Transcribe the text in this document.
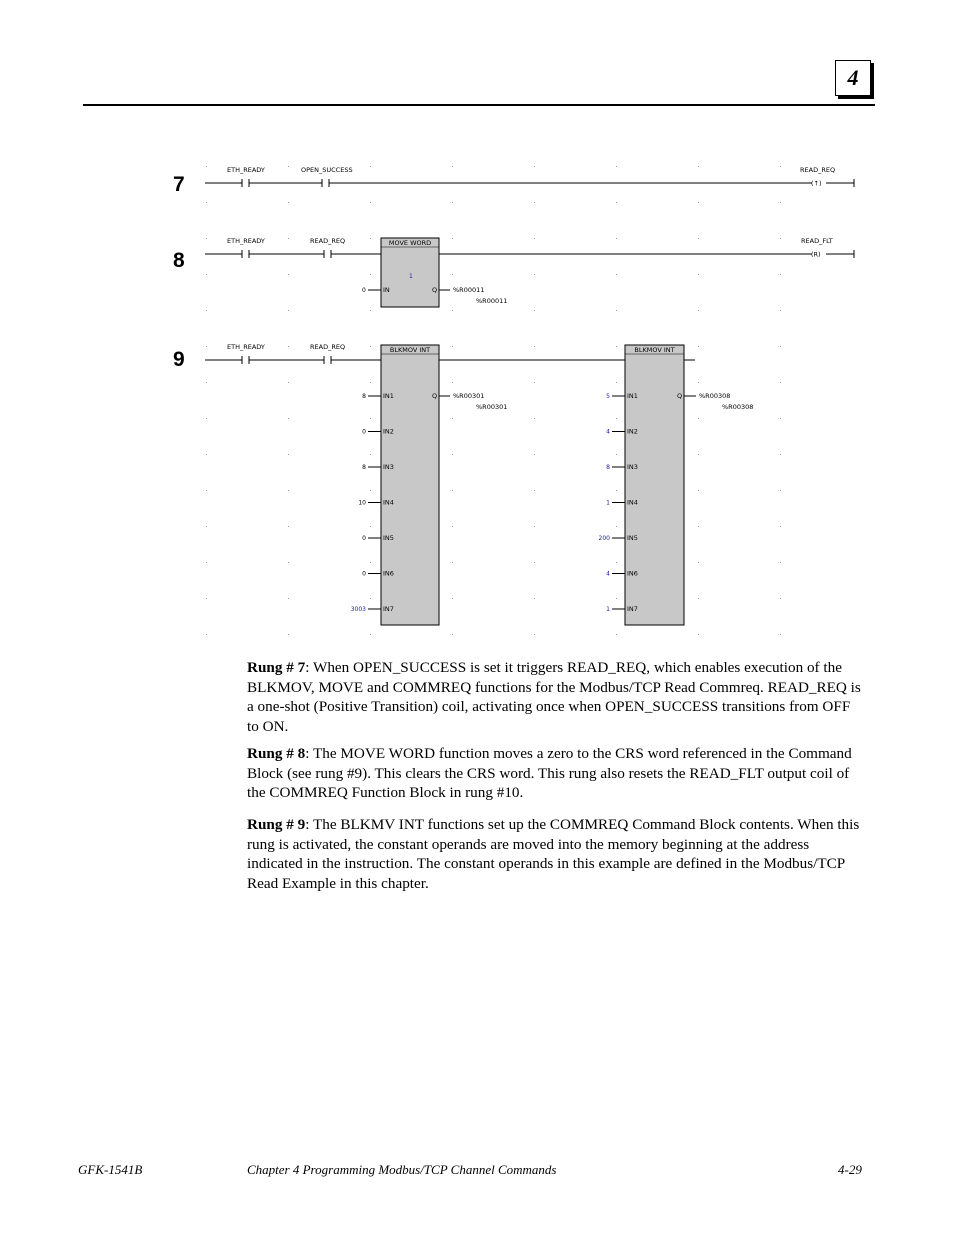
4
7
ETH_READY	OPEN_SUCCESS
(↑)
READ_REQ
8
ETH_READY	READ_REQ	MOVE WORD
1
IN	Q
0	%R00011
%R00011
(R)
READ_FLT
9
ETH_READY	READ_REQ	BLKMOV INT
Q %R00301
%R00301
BLKMOV INT
Q	%R00308
%R00308
8	IN1
0	IN2
8	IN3
10	IN4
0	IN5
0	IN6
3003	IN7
5	IN1
4	IN2
8	IN3
1	IN4
200	IN5
4	IN6
1	IN7
Rung # 7: When OPEN_SUCCESS is set it triggers READ_REQ, which enables execution of the BLKMOV, MOVE and COMMREQ functions for the Modbus/TCP Read Commreq. READ_REQ is a one-shot (Positive Transition) coil, activating once when OPEN_SUCCESS transitions from OFF to ON.
Rung # 8: The MOVE WORD function moves a zero to the CRS word referenced in the Command Block (see rung #9). This clears the CRS word. This rung also resets the READ_FLT output coil of the COMMREQ Function Block in rung #10.
Rung # 9: The BLKMV INT functions set up the COMMREQ Command Block contents. When this rung is activated, the constant operands are moved into the memory beginning at the address indicated in the instruction. The constant operands in this example are defined in the Modbus/TCP Read Example in this chapter.
GFK-1541B	Chapter 4 Programming Modbus/TCP Channel Commands	4-29
